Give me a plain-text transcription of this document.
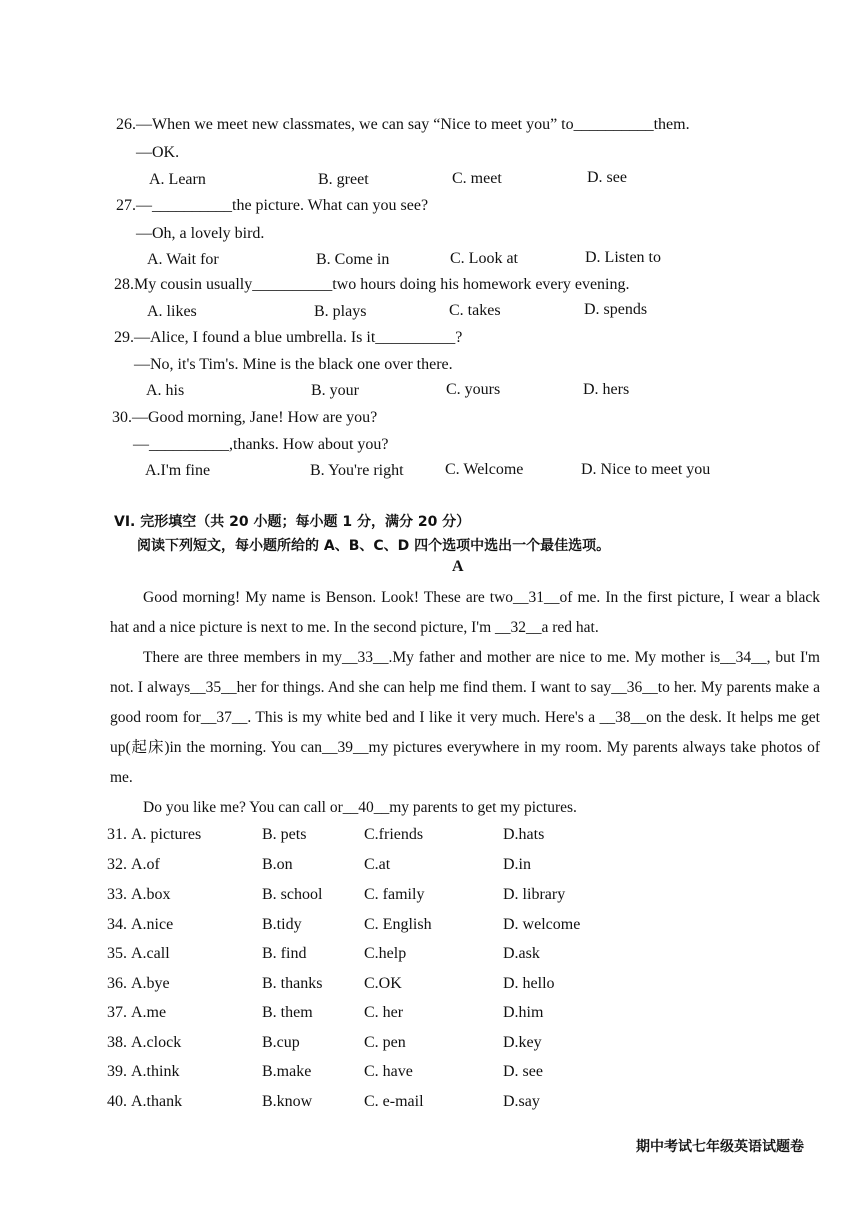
26.—When we meet new classmates, we can say “Nice to meet you” to__________them.
—OK.
A. Learn	B. greet	C. meet	D. see
27.—__________the picture. What can you see?
—Oh, a lovely bird.
A. Wait for	B. Come in	C. Look at	D. Listen to
28.My cousin usually__________two hours doing his homework every evening.
A. likes	B. plays	C. takes	D. spends
29.—Alice, I found a blue umbrella. Is it__________?
—No, it's Tim's. Mine is the black one over there.
A. his	B. your	C. yours	D. hers
30.—Good morning, Jane! How are you?
—__________,thanks. How about you?
A.I'm fine	B. You're right	C. Welcome	D. Nice to meet you
VI. 完形填空（共 20 小题；每小题 1 分，满分 20 分）
阅读下列短文，每小题所给的 A、B、C、D 四个选项中选出一个最佳选项。
A
Good morning! My name is Benson. Look! These are two__31__of me. In the first picture, I wear a black hat and a nice picture is next to me. In the second picture, I'm __32__a red hat.
There are three members in my__33__.My father and mother are nice to me. My mother is__34__, but I'm not. I always__35__her for things. And she can help me find them. I want to say__36__to her. My parents make a good room for__37__. This is my white bed and I like it very much. Here's a __38__on the desk. It helps me get up(起床)in the morning. You can__39__my pictures everywhere in my room. My parents always take photos of me.
Do you like me? You can call or__40__my parents to get my pictures.
31. A. pictures	B. pets	C.friends	D.hats
32. A.of	B.on	C.at	D.in
33. A.box	B. school	C. family	D. library
34. A.nice	B.tidy	C. English	D. welcome
35. A.call	B. find	C.help	D.ask
36. A.bye	B. thanks	C.OK	D. hello
37. A.me	B. them	C. her	D.him
38. A.clock	B.cup	C. pen	D.key
39. A.think	B.make	C. have	D. see
40. A.thank	B.know	C. e-mail	D.say
期中考试七年级英语试题卷
